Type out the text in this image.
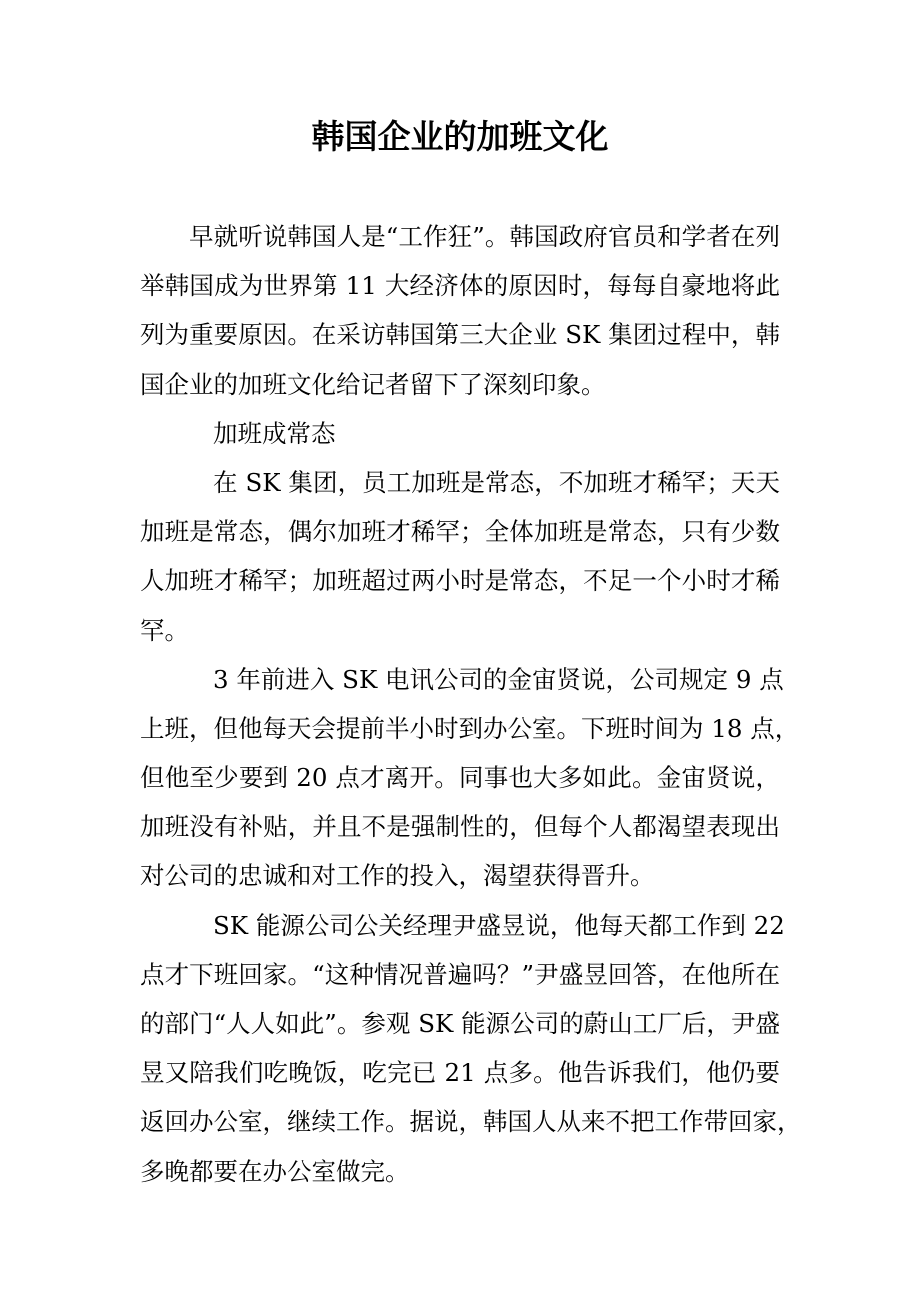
韩国企业的加班文化
早就听说韩国人是“工作狂”。韩国政府官员和学者在列
举韩国成为世界第 11 大经济体的原因时，每每自豪地将此
列为重要原因。在采访韩国第三大企业 SK 集团过程中，韩
国企业的加班文化给记者留下了深刻印象。
加班成常态
在 SK 集团，员工加班是常态，不加班才稀罕；天天
加班是常态，偶尔加班才稀罕；全体加班是常态，只有少数
人加班才稀罕；加班超过两小时是常态，不足一个小时才稀
罕。
3 年前进入 SK 电讯公司的金宙贤说，公司规定 9 点
上班，但他每天会提前半小时到办公室。下班时间为 18 点，
但他至少要到 20 点才离开。同事也大多如此。金宙贤说，
加班没有补贴，并且不是强制性的，但每个人都渴望表现出
对公司的忠诚和对工作的投入，渴望获得晋升。
SK 能源公司公关经理尹盛昱说，他每天都工作到 22
点才下班回家。“这种情况普遍吗？”尹盛昱回答，在他所在
的部门“人人如此”。参观 SK 能源公司的蔚山工厂后，尹盛
昱又陪我们吃晚饭，吃完已 21 点多。他告诉我们，他仍要
返回办公室，继续工作。据说，韩国人从来不把工作带回家，
多晚都要在办公室做完。
